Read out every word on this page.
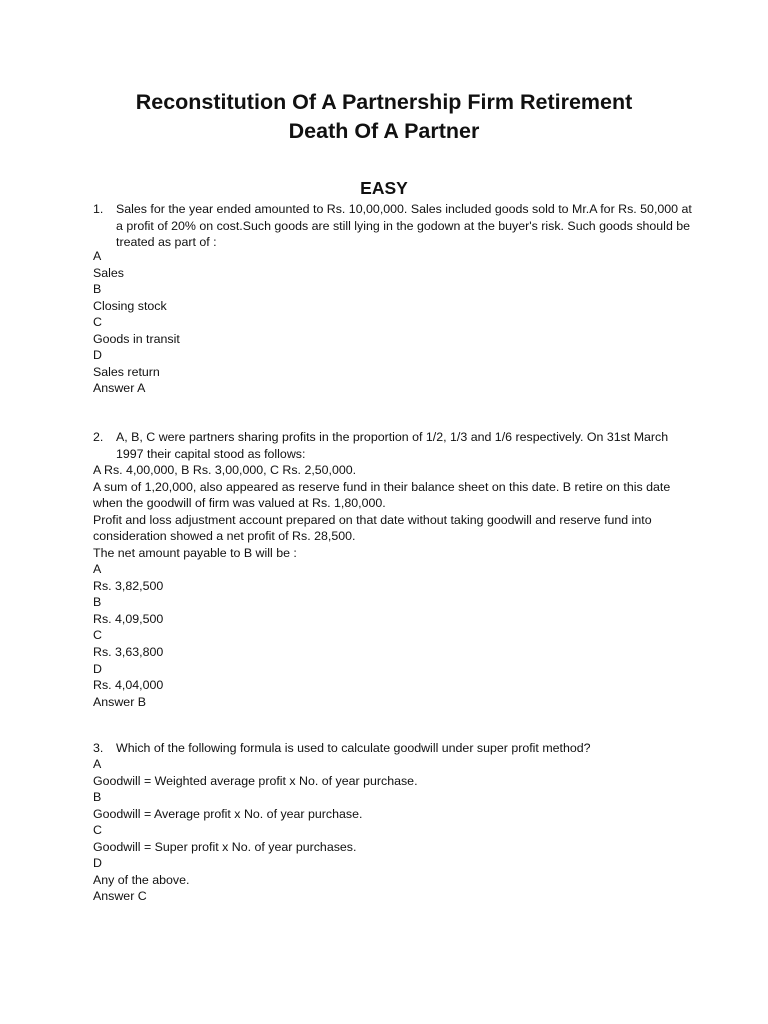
Reconstitution Of A Partnership Firm Retirement
Death Of A Partner
EASY
1.	Sales for the year ended amounted to Rs. 10,00,000. Sales included goods sold to Mr.A for Rs. 50,000 at a profit of 20% on cost.Such goods are still lying in the godown at the buyer's risk. Such goods should be treated as part of :
A
Sales
B
Closing stock
C
Goods in transit
D
Sales return
Answer A
2.	A, B, C were partners sharing profits in the proportion of 1/2, 1/3 and 1/6 respectively. On 31st March 1997 their capital stood as follows:
A Rs. 4,00,000, B Rs. 3,00,000, C Rs. 2,50,000.
A sum of 1,20,000, also appeared as reserve fund in their balance sheet on this date. B retire on this date when the goodwill of firm was valued at Rs. 1,80,000.
Profit and loss adjustment account prepared on that date without taking goodwill and reserve fund into consideration showed a net profit of Rs. 28,500.
The net amount payable to B will be :
A
Rs. 3,82,500
B
Rs. 4,09,500
C
Rs. 3,63,800
D
Rs. 4,04,000
Answer B
3.	Which of the following formula is used to calculate goodwill under super profit method?
A
Goodwill = Weighted average profit x No. of year purchase.
B
Goodwill = Average profit x No. of year purchase.
C
Goodwill = Super profit x No. of year purchases.
D
Any of the above.
Answer C
